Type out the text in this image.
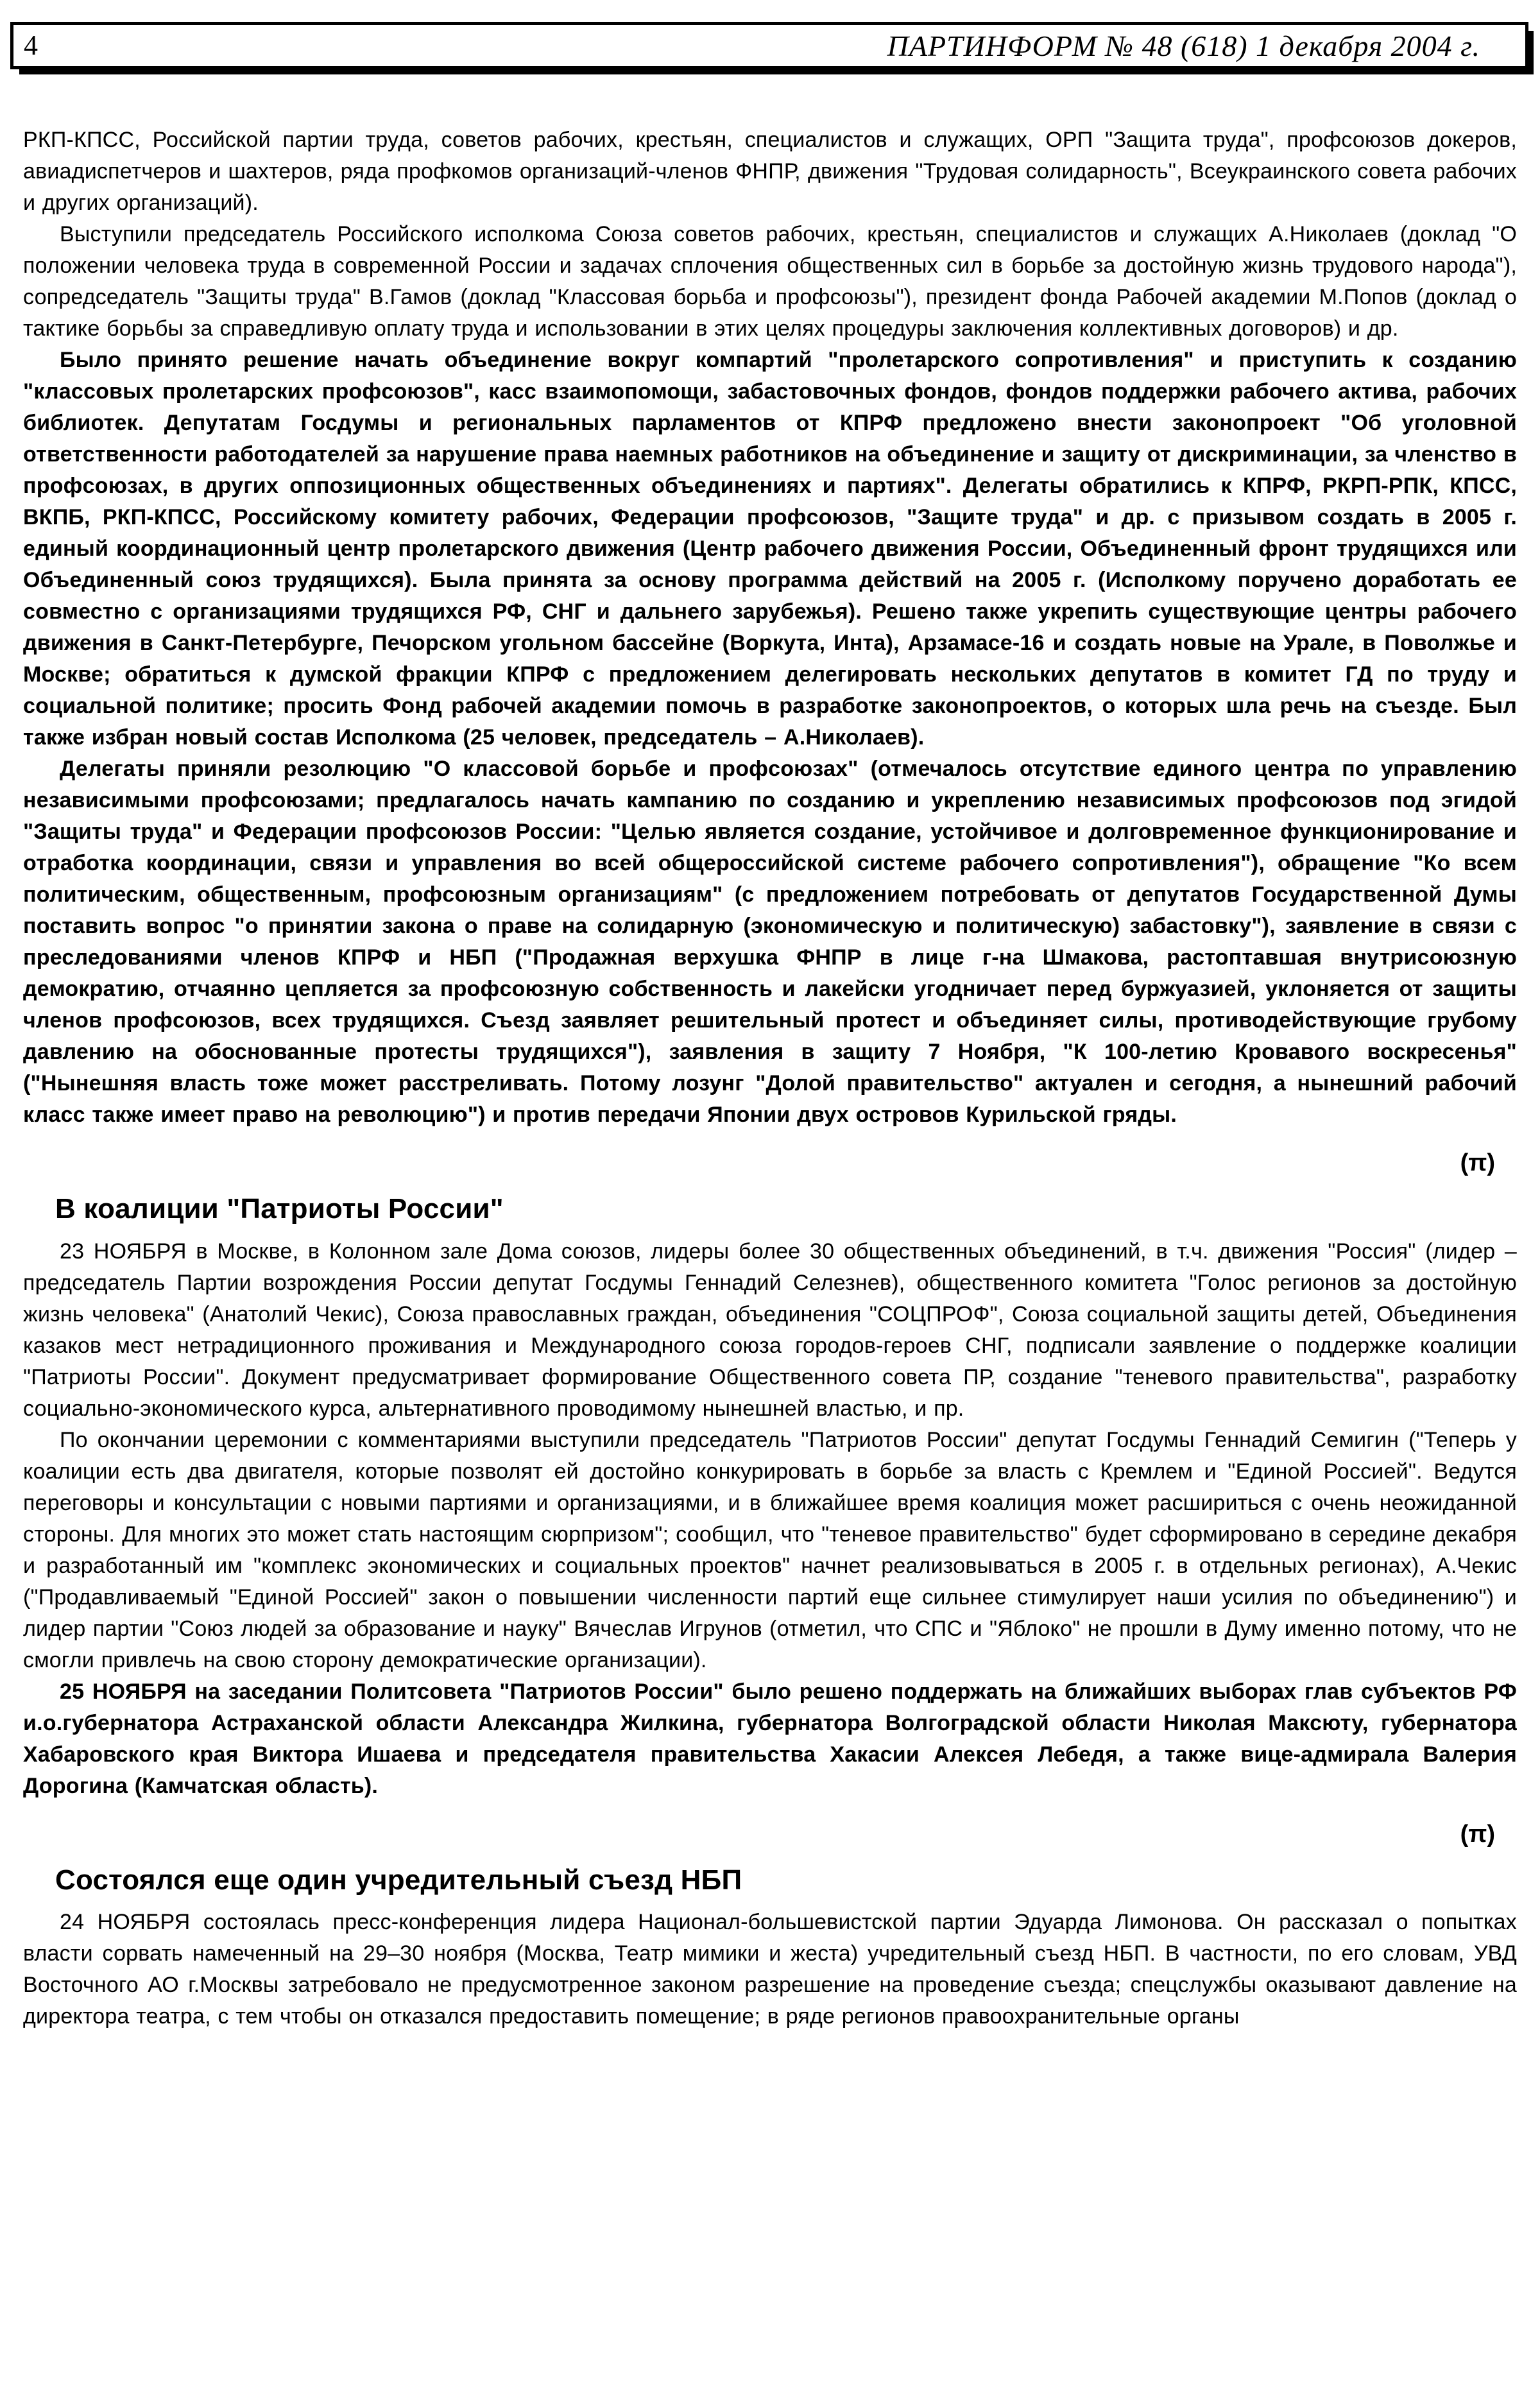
4	ПАРТИНФОРМ № 48 (618) 1 декабря 2004 г.

РКП-КПСС, Российской партии труда, советов рабочих, крестьян, специалистов и служащих, ОРП "Защита труда", профсоюзов докеров, авиадиспетчеров и шахтеров, ряда профкомов организаций-членов ФНПР, движения "Трудовая солидарность", Всеукраинского совета рабочих и других организаций).

Выступили председатель Российского исполкома Союза советов рабочих, крестьян, специалистов и служащих А.Николаев (доклад "О положении человека труда в современной России и задачах сплочения общественных сил в борьбе за достойную жизнь трудового народа"), сопредседатель "Защиты труда" В.Гамов (доклад "Классовая борьба и профсоюзы"), президент фонда Рабочей академии М.Попов (доклад о тактике борьбы за справедливую оплату труда и использовании в этих целях процедуры заключения коллективных договоров) и др.

Было принято решение начать объединение вокруг компартий "пролетарского сопротивления" и приступить к созданию "классовых пролетарских профсоюзов", касс взаимопомощи, забастовочных фондов, фондов поддержки рабочего актива, рабочих библиотек. Депутатам Госдумы и региональных парламентов от КПРФ предложено внести законопроект "Об уголовной ответственности работодателей за нарушение права наемных работников на объединение и защиту от дискриминации, за членство в профсоюзах, в других оппозиционных общественных объединениях и партиях". Делегаты обратились к КПРФ, РКРП-РПК, КПСС, ВКПБ, РКП-КПСС, Российскому комитету рабочих, Федерации профсоюзов, "Защите труда" и др. с призывом создать в 2005 г. единый координационный центр пролетарского движения (Центр рабочего движения России, Объединенный фронт трудящихся или Объединенный союз трудящихся). Была принята за основу программа действий на 2005 г. (Исполкому поручено доработать ее совместно с организациями трудящихся РФ, СНГ и дальнего зарубежья). Решено также укрепить существующие центры рабочего движения в Санкт-Петербурге, Печорском угольном бассейне (Воркута, Инта), Арзамасе-16 и создать новые на Урале, в Поволжье и Москве; обратиться к думской фракции КПРФ с предложением делегировать нескольких депутатов в комитет ГД по труду и социальной политике; просить Фонд рабочей академии помочь в разработке законопроектов, о которых шла речь на съезде. Был также избран новый состав Исполкома (25 человек, председатель – А.Николаев).

Делегаты приняли резолюцию "О классовой борьбе и профсоюзах" (отмечалось отсутствие единого центра по управлению независимыми профсоюзами; предлагалось начать кампанию по созданию и укреплению независимых профсоюзов под эгидой "Защиты труда" и Федерации профсоюзов России: "Целью является создание, устойчивое и долговременное функционирование и отработка координации, связи и управления во всей общероссийской системе рабочего сопротивления"), обращение "Ко всем политическим, общественным, профсоюзным организациям" (с предложением потребовать от депутатов Государственной Думы поставить вопрос "о принятии закона о праве на солидарную (экономическую и политическую) забастовку"), заявление в связи с преследованиями членов КПРФ и НБП ("Продажная верхушка ФНПР в лице г-на Шмакова, растоптавшая внутрисоюзную демократию, отчаянно цепляется за профсоюзную собственность и лакейски угодничает перед буржуазией, уклоняется от защиты членов профсоюзов, всех трудящихся. Съезд заявляет решительный протест и объединяет силы, противодействующие грубому давлению на обоснованные протесты трудящихся"), заявления в защиту 7 Ноября, "К 100-летию Кровавого воскресенья" ("Нынешняя власть тоже может расстреливать. Потому лозунг "Долой правительство" актуален и сегодня, а нынешний рабочий класс также имеет право на революцию") и против передачи Японии двух островов Курильской гряды.

(π)
В коалиции "Патриоты России"

23 НОЯБРЯ в Москве, в Колонном зале Дома союзов, лидеры более 30 общественных объединений, в т.ч. движения "Россия" (лидер – председатель Партии возрождения России депутат Госдумы Геннадий Селезнев), общественного комитета "Голос регионов за достойную жизнь человека" (Анатолий Чекис), Союза православных граждан, объединения "СОЦПРОФ", Союза социальной защиты детей, Объединения казаков мест нетрадиционного проживания и Международного союза городов-героев СНГ, подписали заявление о поддержке коалиции "Патриоты России". Документ предусматривает формирование Общественного совета ПР, создание "теневого правительства", разработку социально-экономического курса, альтернативного проводимому нынешней властью, и пр.

По окончании церемонии с комментариями выступили председатель "Патриотов России" депутат Госдумы Геннадий Семигин ("Теперь у коалиции есть два двигателя, которые позволят ей достойно конкурировать в борьбе за власть с Кремлем и "Единой Россией". Ведутся переговоры и консультации с новыми партиями и организациями, и в ближайшее время коалиция может расшириться с очень неожиданной стороны. Для многих это может стать настоящим сюрпризом"; сообщил, что "теневое правительство" будет сформировано в середине декабря и разработанный им "комплекс экономических и социальных проектов" начнет реализовываться в 2005 г. в отдельных регионах), А.Чекис ("Продавливаемый "Единой Россией" закон о повышении численности партий еще сильнее стимулирует наши усилия по объединению") и лидер партии "Союз людей за образование и науку" Вячеслав Игрунов (отметил, что СПС и "Яблоко" не прошли в Думу именно потому, что не смогли привлечь на свою сторону демократические организации).

25 НОЯБРЯ на заседании Политсовета "Патриотов России" было решено поддержать на ближайших выборах глав субъектов РФ и.о.губернатора Астраханской области Александра Жилкина, губернатора Волгоградской области Николая Максюту, губернатора Хабаровского края Виктора Ишаева и председателя правительства Хакасии Алексея Лебедя, а также вице-адмирала Валерия Дорогина (Камчатская область).

(π)
Состоялся еще один учредительный съезд НБП

24 НОЯБРЯ состоялась пресс-конференция лидера Национал-большевистской партии Эдуарда Лимонова. Он рассказал о попытках власти сорвать намеченный на 29–30 ноября (Москва, Театр мимики и жеста) учредительный съезд НБП. В частности, по его словам, УВД Восточного АО г.Москвы затребовало не предусмотренное законом разрешение на проведение съезда; спецслужбы оказывают давление на директора театра, с тем чтобы он отказался предоставить помещение; в ряде регионов правоохранительные органы
